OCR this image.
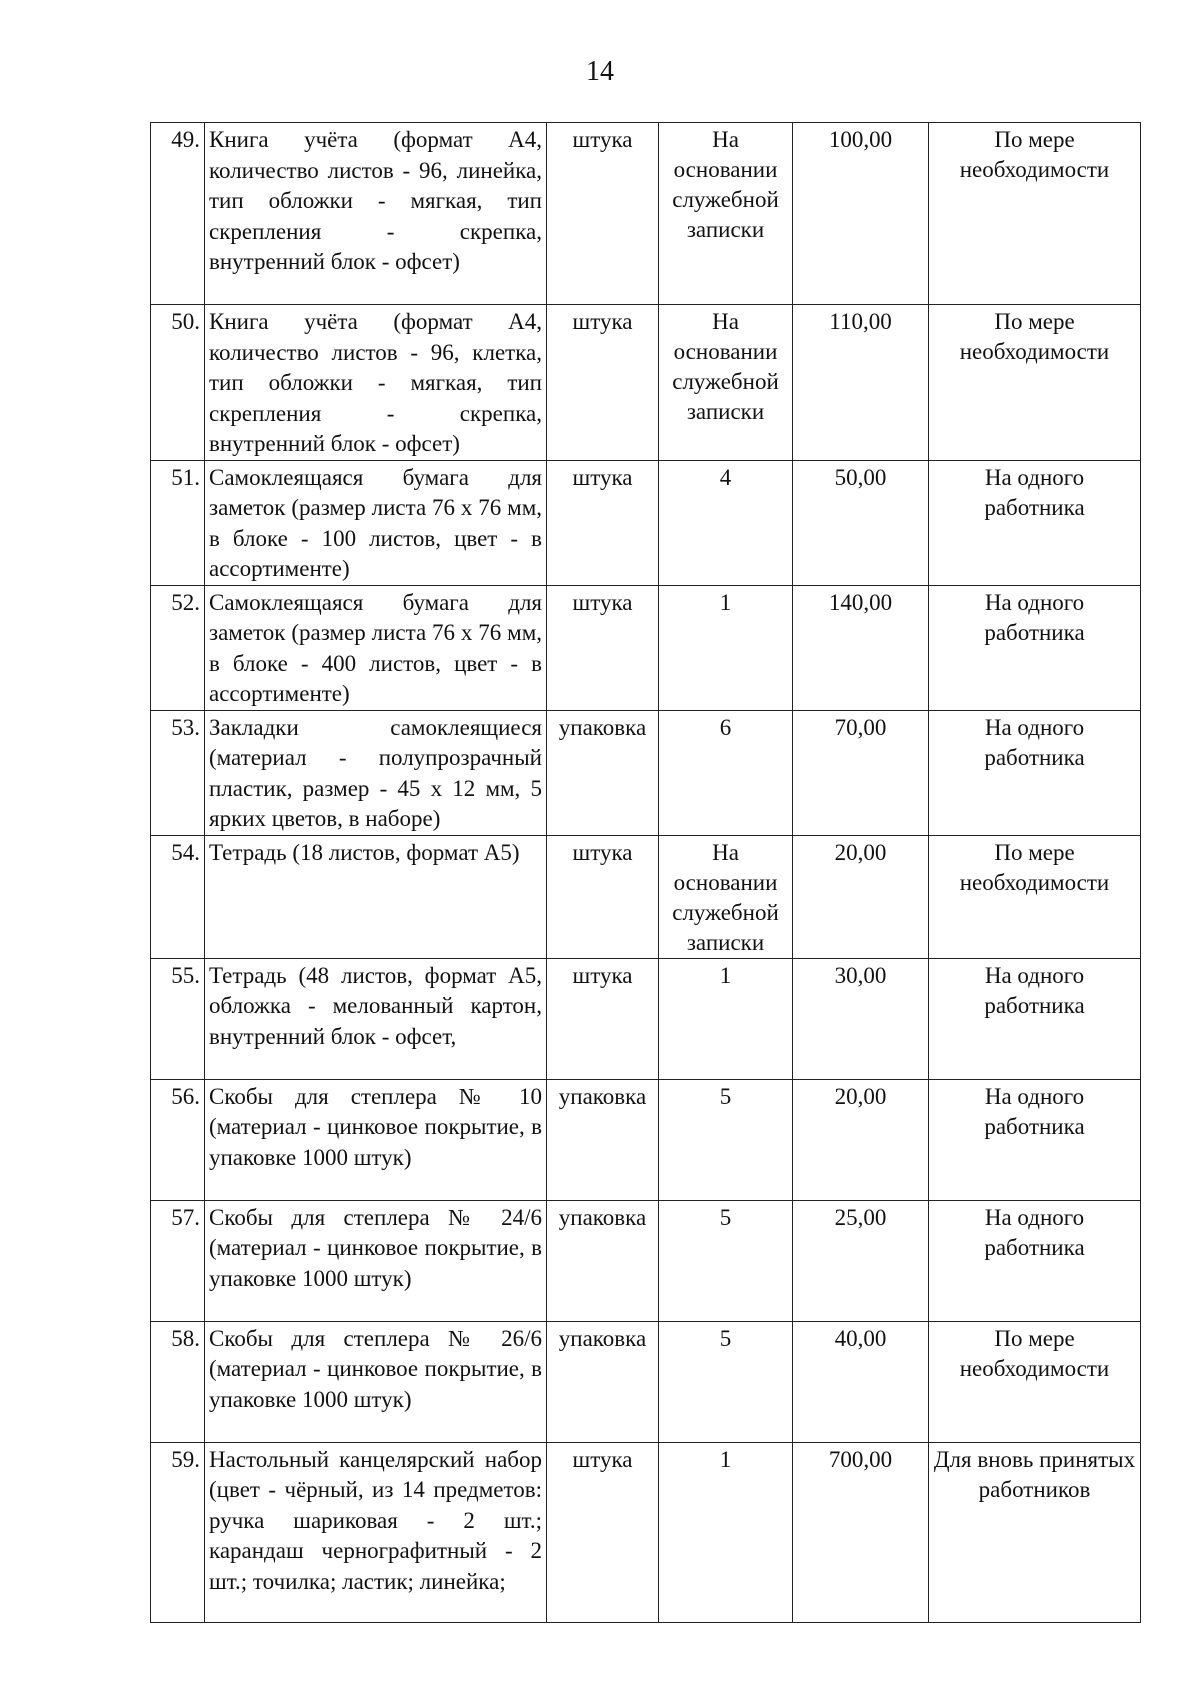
14
49.	Книга учёта (формат А4, количество листов - 96, линейка, тип обложки - мягкая, тип скрепления - скрепка, внутренний блок - офсет)	штука	На основании служебной записки	100,00	По мере необходимости
50.	Книга учёта (формат А4, количество листов - 96, клетка, тип обложки - мягкая, тип скрепления - скрепка, внутренний блок - офсет)	штука	На основании служебной записки	110,00	По мере необходимости
51.	Самоклеящаяся бумага для заметок (размер листа 76 х 76 мм, в блоке - 100 листов, цвет - в ассортименте)	штука	4	50,00	На одного работника
52.	Самоклеящаяся бумага для заметок (размер листа 76 х 76 мм, в блоке - 400 листов, цвет - в ассортименте)	штука	1	140,00	На одного работника
53.	Закладки самоклеящиеся (материал - полупрозрачный пластик, размер - 45 х 12 мм, 5 ярких цветов, в наборе)	упаковка	6	70,00	На одного работника
54.	Тетрадь (18 листов, формат А5)	штука	На основании служебной записки	20,00	По мере необходимости
55.	Тетрадь (48 листов, формат А5, обложка - мелованный картон, внутренний блок - офсет,	штука	1	30,00	На одного работника
56.	Скобы для степлера № 10 (материал - цинковое покрытие, в упаковке 1000 штук)	упаковка	5	20,00	На одного работника
57.	Скобы для степлера № 24/6 (материал - цинковое покрытие, в упаковке 1000 штук)	упаковка	5	25,00	На одного работника
58.	Скобы для степлера № 26/6 (материал - цинковое покрытие, в упаковке 1000 штук)	упаковка	5	40,00	По мере необходимости
59.	Настольный канцелярский набор (цвет - чёрный, из 14 предметов: ручка шариковая - 2 шт.; карандаш чернографитный - 2 шт.; точилка; ластик; линейка;	штука	1	700,00	Для вновь принятых работников
